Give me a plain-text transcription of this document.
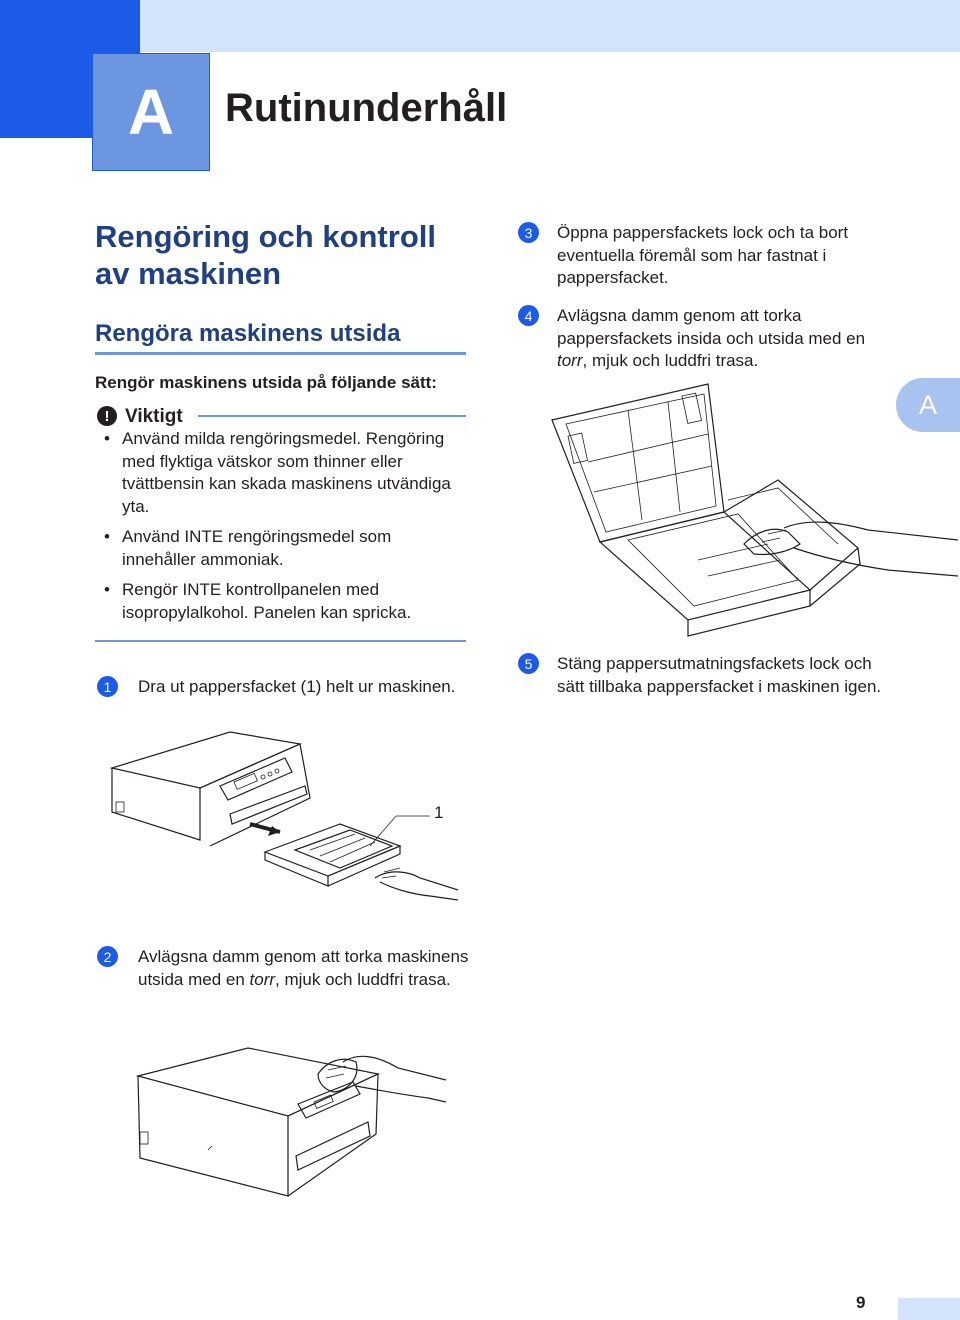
A	Rutinunderhåll
A
Rengöring och kontroll av maskinen
Rengöra maskinens utsida
Rengör maskinens utsida på följande sätt:
! Viktigt
• Använd milda rengöringsmedel. Rengöring med flyktiga vätskor som thinner eller tvättbensin kan skada maskinens utvändiga yta.
• Använd INTE rengöringsmedel som innehåller ammoniak.
• Rengör INTE kontrollpanelen med isopropylalkohol. Panelen kan spricka.
1	Dra ut pappersfacket (1) helt ur maskinen.
1
2	Avlägsna damm genom att torka maskinens utsida med en torr, mjuk och luddfri trasa.
3	Öppna pappersfackets lock och ta bort eventuella föremål som har fastnat i pappersfacket.
4	Avlägsna damm genom att torka pappersfackets insida och utsida med en torr, mjuk och luddfri trasa.
5	Stäng pappersutmatningsfackets lock och sätt tillbaka pappersfacket i maskinen igen.
9
